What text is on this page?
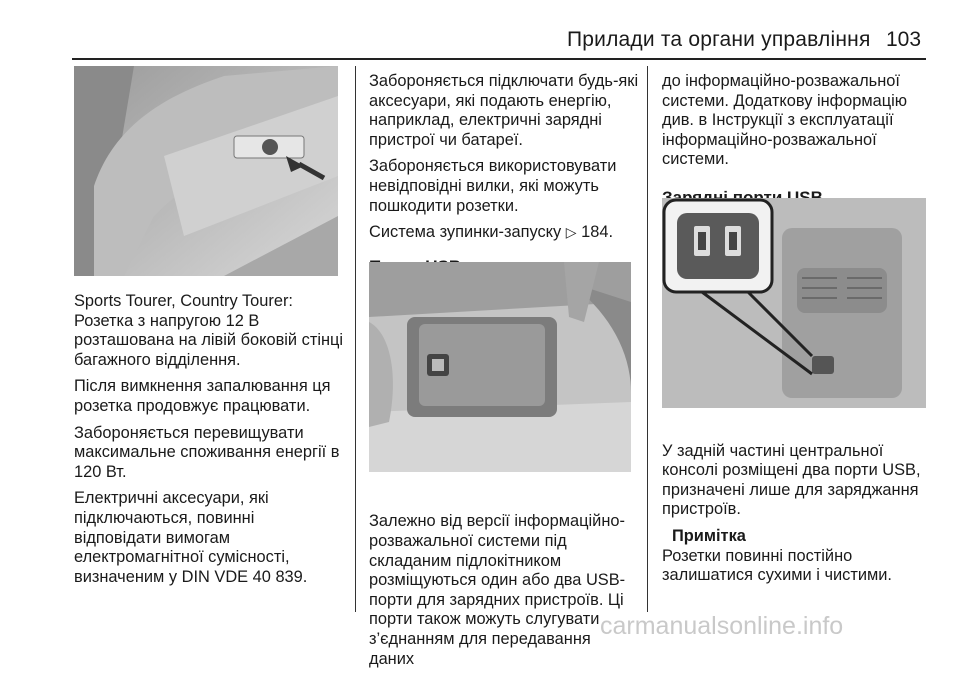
Прилади та органи управління 103

Sports Tourer, Country Tourer:
Розетка з напругою 12 В
розташована на лівій боковій стінці
багажного відділення.

Після вимкнення запалювання ця
розетка продовжує працювати.

Забороняється перевищувати
максимальне споживання енергії в
120 Вт.

Електричні аксесуари, які
підключаються, повинні
відповідати вимогам
електромагнітної сумісності,
визначеним у DIN VDE 40 839.

Забороняється підключати будь-які
аксесуари, які подають енергію,
наприклад, електричні зарядні
пристрої чи батареї.

Забороняється використовувати
невідповідні вилки, які можуть
пошкодити розетки.

Система зупинки-запуску ▷ 184.

Залежно від версії інформаційно-
розважальної системи під
складаним підлокітником
розміщуються один або два USB-
порти для зарядних пристроїв. Ці
порти також можуть слугувати
з’єднанням для передавання даних

до інформаційно-розважальної
системи. Додаткову інформацію
див. в Інструкції з експлуатації
інформаційно-розважальної
системи.

У задній частині центральної
консолі розміщені два порти USB,
призначені лише для заряджання
пристроїв.

Примітка

Розетки повинні постійно
залишатися сухими і чистими.

carmanualsonline.info
